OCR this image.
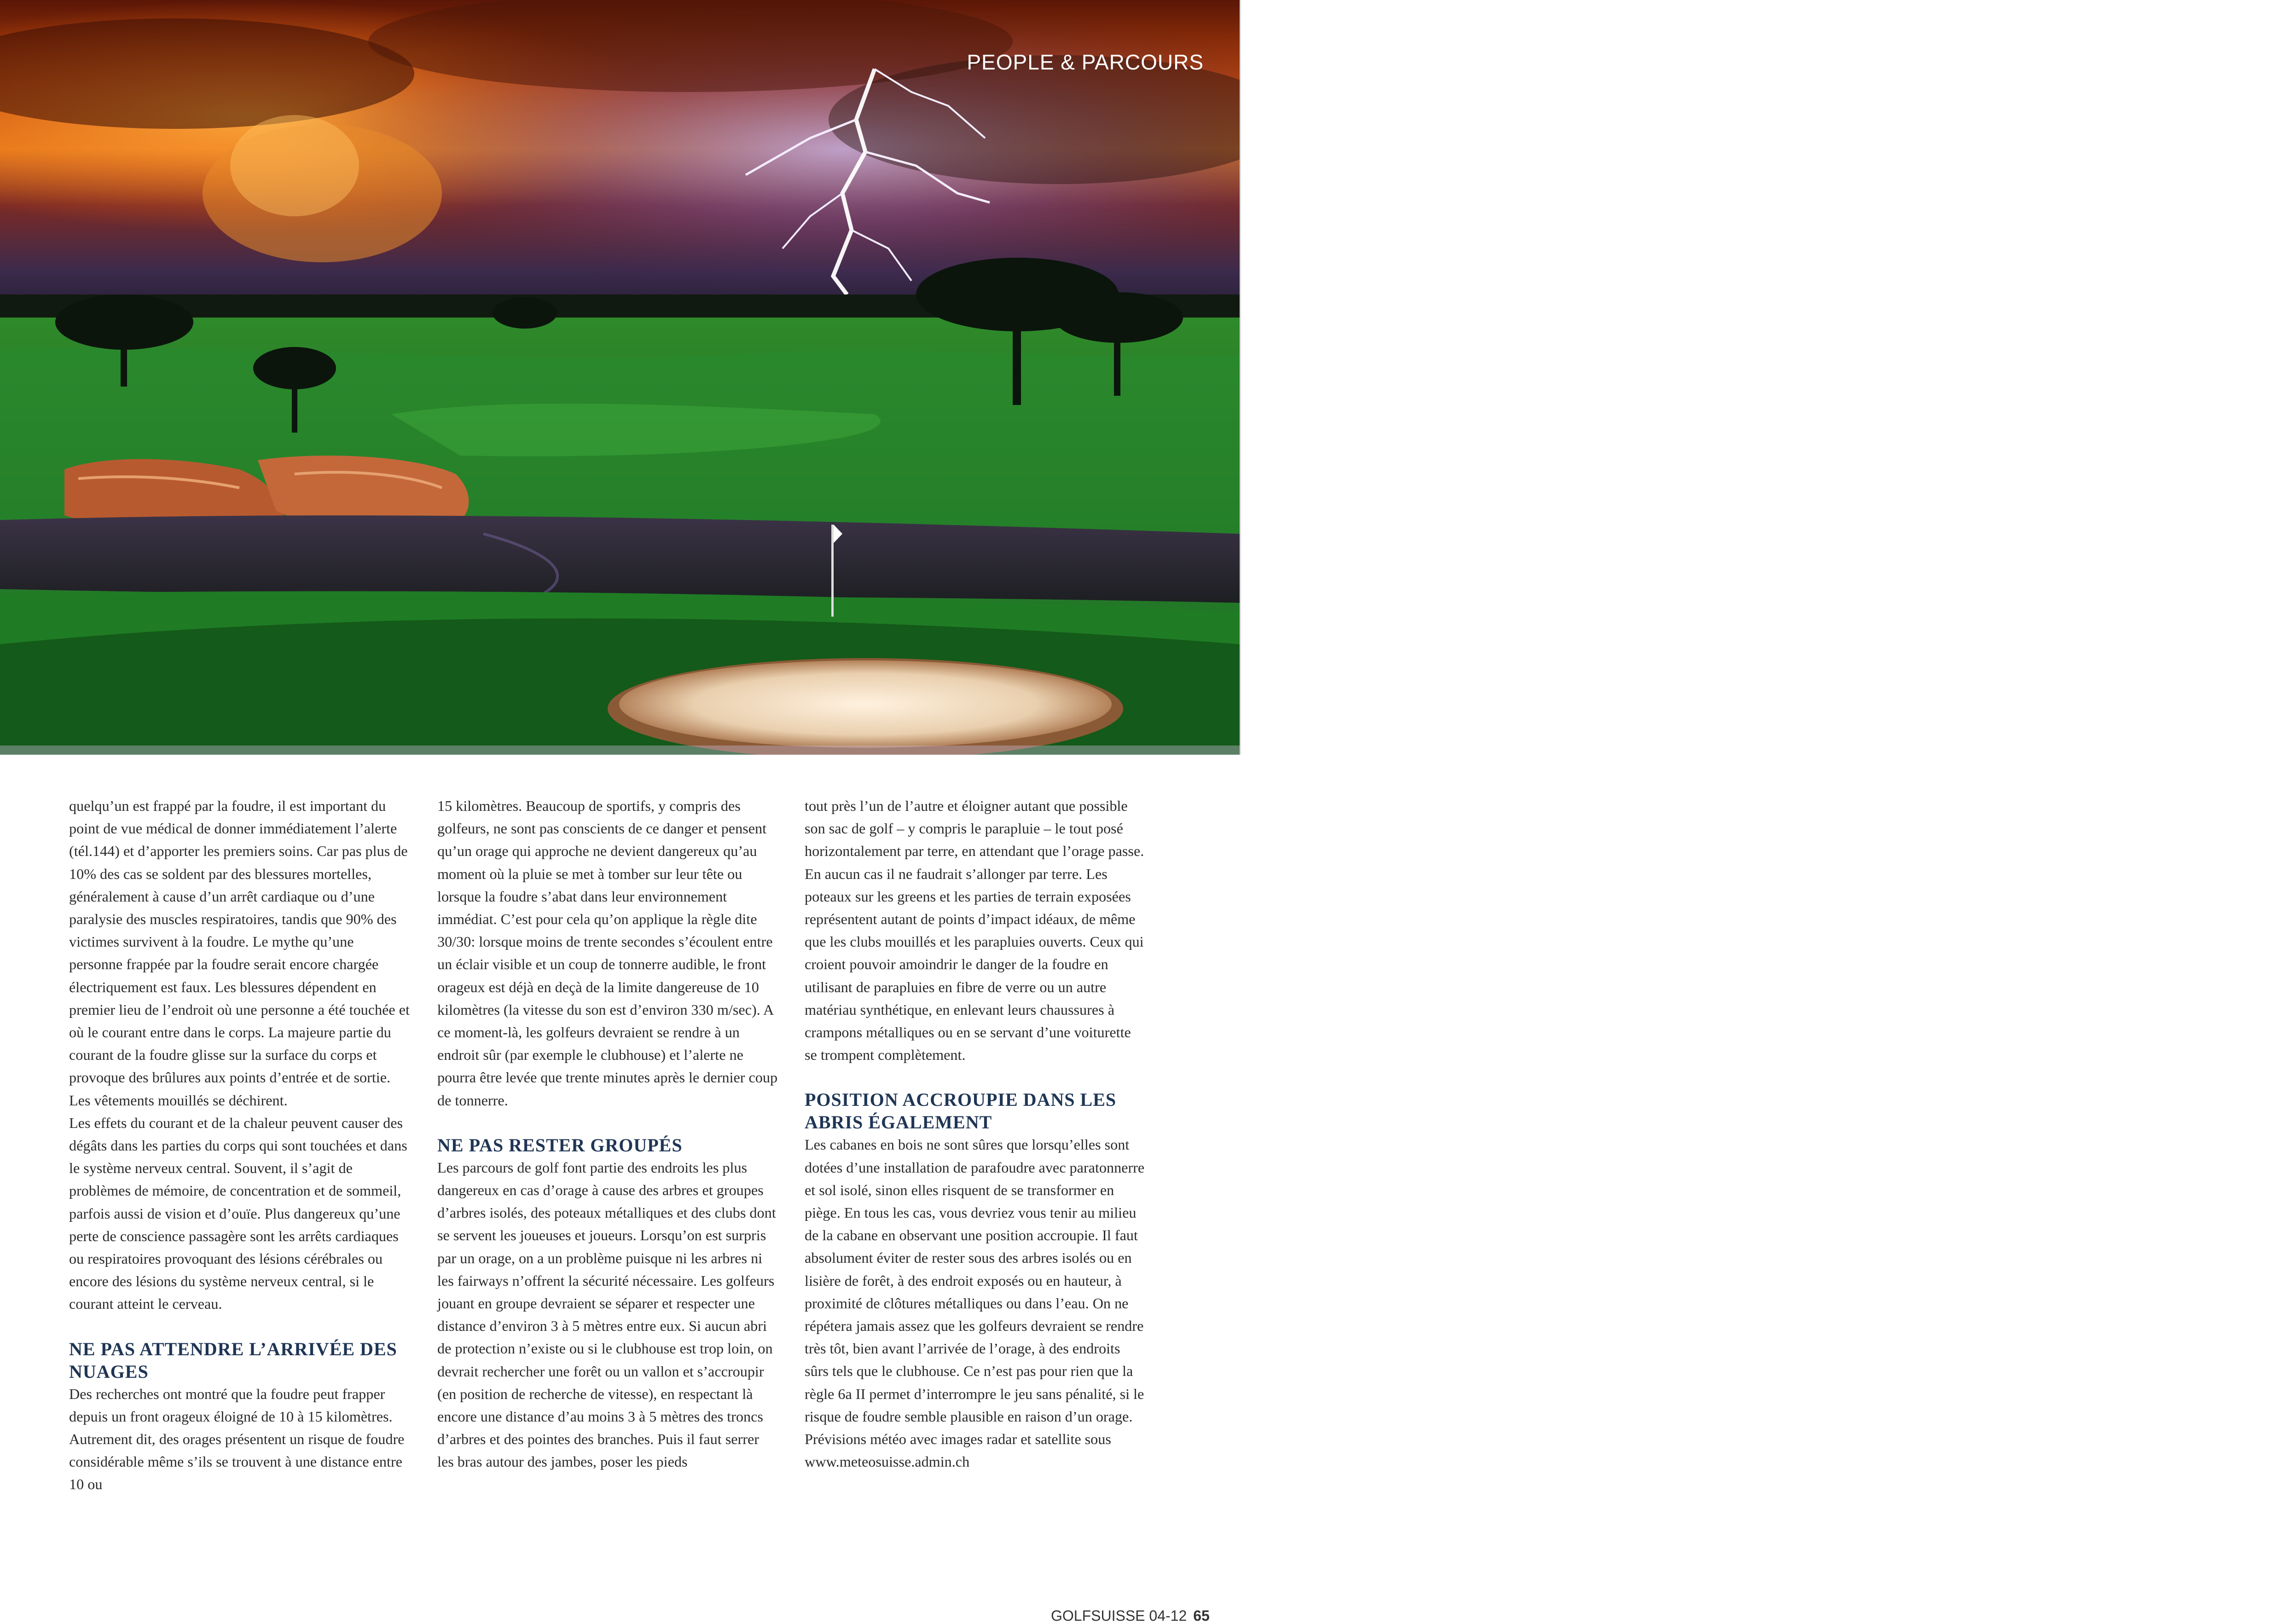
PEOPLE & PARCOURS

quelqu’un est frappé par la foudre, il est important du point de vue médical de donner immédiatement l’alerte (tél.144) et d’apporter les premiers soins. Car pas plus de 10% des cas se soldent par des blessures mortelles, généralement à cause d’un arrêt cardiaque ou d’une paralysie des muscles respiratoires, tandis que 90% des victimes survivent à la foudre. Le mythe qu’une personne frappée par la foudre serait encore chargée électriquement est faux. Les blessures dépendent en premier lieu de l’endroit où une personne a été touchée et où le courant entre dans le corps. La majeure partie du courant de la foudre glisse sur la surface du corps et provoque des brûlures aux points d’entrée et de sortie. Les vêtements mouillés se déchirent.

Les effets du courant et de la chaleur peuvent causer des dégâts dans les parties du corps qui sont touchées et dans le système nerveux central. Souvent, il s’agit de problèmes de mémoire, de concentration et de sommeil, parfois aussi de vision et d’ouïe. Plus dangereux qu’une perte de conscience passagère sont les arrêts cardiaques ou respiratoires provoquant des lésions cérébrales ou encore des lésions du système nerveux central, si le courant atteint le cerveau.

NE PAS ATTENDRE L’ARRIVÉE DES NUAGES

Des recherches ont montré que la foudre peut frapper depuis un front orageux éloigné de 10 à 15 kilomètres. Autrement dit, des orages présentent un risque de foudre considérable même s’ils se trouvent à une distance entre 10 ou

15 kilomètres. Beaucoup de sportifs, y compris des golfeurs, ne sont pas conscients de ce danger et pensent qu’un orage qui approche ne devient dangereux qu’au moment où la pluie se met à tomber sur leur tête ou lorsque la foudre s’abat dans leur environnement immédiat. C’est pour cela qu’on applique la règle dite 30/30: lorsque moins de trente secondes s’écoulent entre un éclair visible et un coup de tonnerre audible, le front orageux est déjà en deçà de la limite dangereuse de 10 kilomètres (la vitesse du son est d’environ 330 m/sec). A ce moment-là, les golfeurs devraient se rendre à un endroit sûr (par exemple le clubhouse) et l’alerte ne pourra être levée que trente minutes après le dernier coup de tonnerre.

NE PAS RESTER GROUPÉS

Les parcours de golf font partie des endroits les plus dangereux en cas d’orage à cause des arbres et groupes d’arbres isolés, des poteaux métalliques et des clubs dont se servent les joueuses et joueurs. Lorsqu’on est surpris par un orage, on a un problème puisque ni les arbres ni les fairways n’offrent la sécurité nécessaire. Les golfeurs jouant en groupe devraient se séparer et respecter une distance d’environ 3 à 5 mètres entre eux. Si aucun abri de protection n’existe ou si le clubhouse est trop loin, on devrait rechercher une forêt ou un vallon et s’accroupir (en position de recherche de vitesse), en respectant là encore une distance d’au moins 3 à 5 mètres des troncs d’arbres et des pointes des branches. Puis il faut serrer les bras autour des jambes, poser les pieds

tout près l’un de l’autre et éloigner autant que possible son sac de golf – y compris le parapluie – le tout posé horizontalement par terre, en attendant que l’orage passe.

En aucun cas il ne faudrait s’allonger par terre. Les poteaux sur les greens et les parties de terrain exposées représentent autant de points d’impact idéaux, de même que les clubs mouillés et les parapluies ouverts. Ceux qui croient pouvoir amoindrir le danger de la foudre en utilisant de parapluies en fibre de verre ou un autre matériau synthétique, en enlevant leurs chaussures à crampons métalliques ou en se servant d’une voiturette se trompent complètement.

POSITION ACCROUPIE DANS LES ABRIS ÉGALEMENT

Les cabanes en bois ne sont sûres que lorsqu’elles sont dotées d’une installation de parafoudre avec paratonnerre et sol isolé, sinon elles risquent de se transformer en piège. En tous les cas, vous devriez vous tenir au milieu de la cabane en observant une position accroupie. Il faut absolument éviter de rester sous des arbres isolés ou en lisière de forêt, à des endroit exposés ou en hauteur, à proximité de clôtures métalliques ou dans l’eau. On ne répétera jamais assez que les golfeurs devraient se rendre très tôt, bien avant l’arrivée de l’orage, à des endroits sûrs tels que le clubhouse. Ce n’est pas pour rien que la règle 6a II permet d’interrompre le jeu sans pénalité, si le risque de foudre semble plausible en raison d’un orage. Prévisions météo avec images radar et satellite sous www.meteosuisse.admin.ch

GOLFSUISSE 04-12 65
